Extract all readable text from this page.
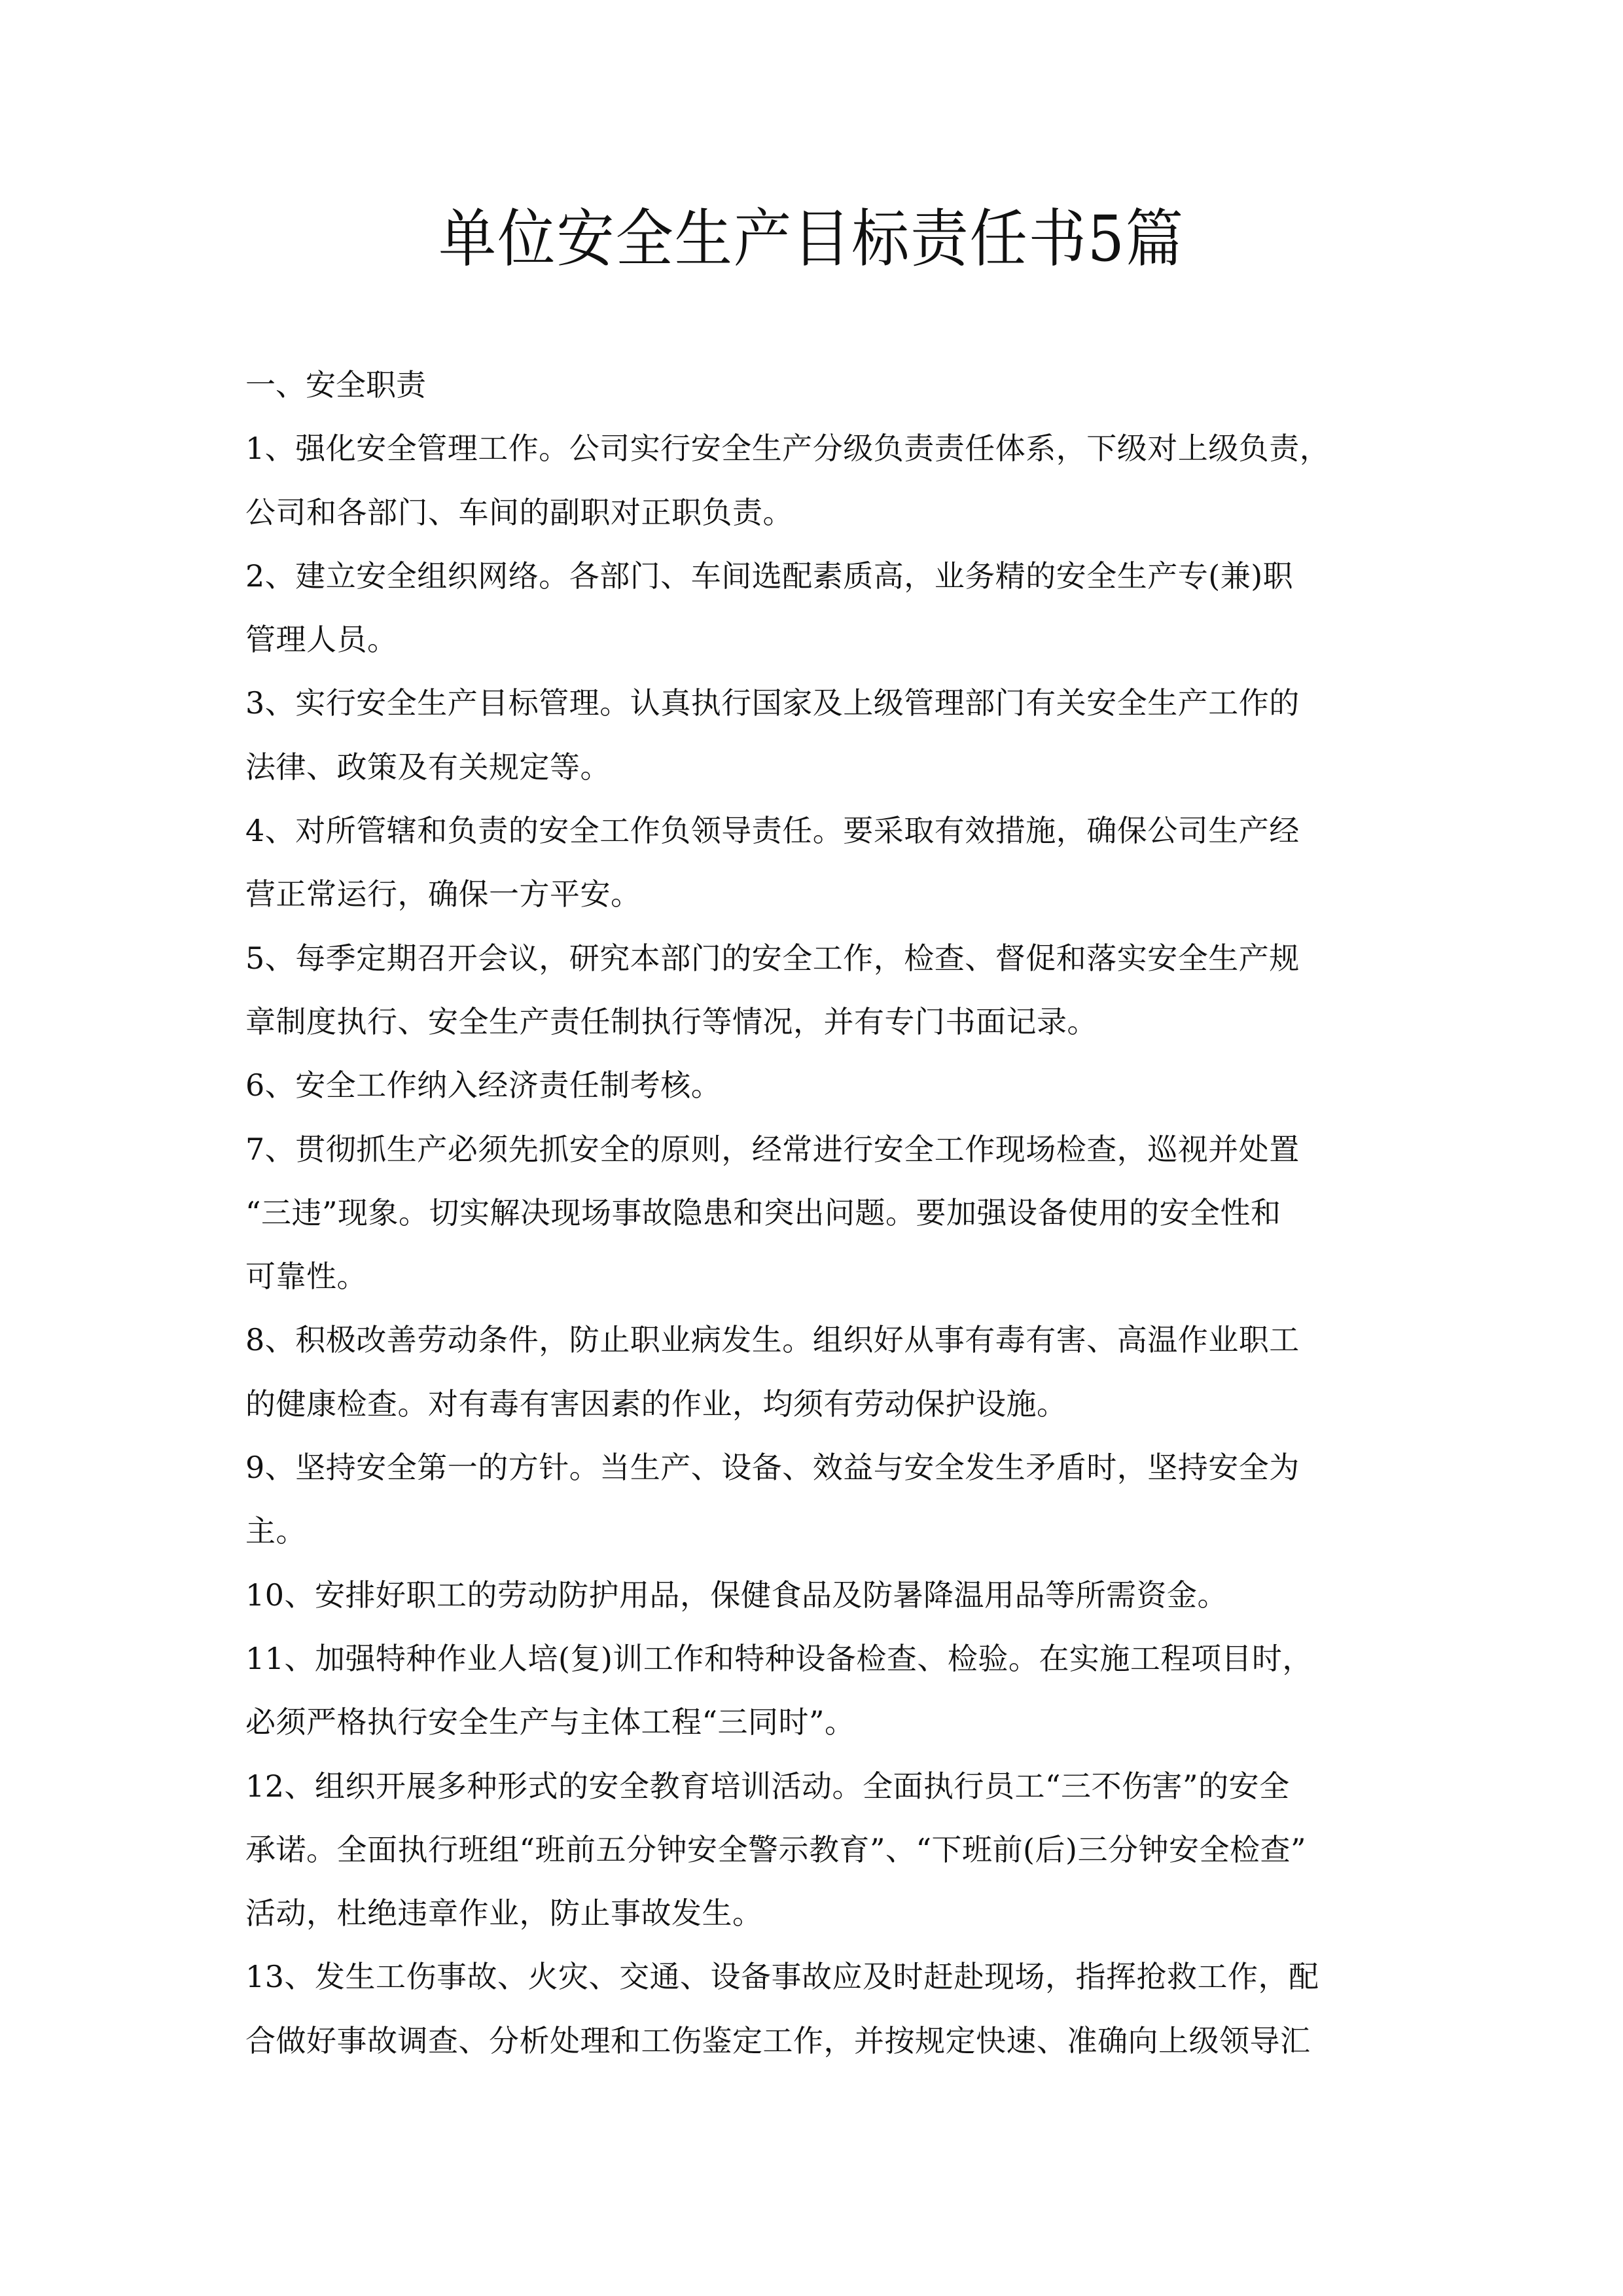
单位安全生产目标责任书5篇
一、安全职责
1、强化安全管理工作。公司实行安全生产分级负责责任体系，下级对上级负责，
公司和各部门、车间的副职对正职负责。
2、建立安全组织网络。各部门、车间选配素质高，业务精的安全生产专(兼)职
管理人员。
3、实行安全生产目标管理。认真执行国家及上级管理部门有关安全生产工作的
法律、政策及有关规定等。
4、对所管辖和负责的安全工作负领导责任。要采取有效措施，确保公司生产经
营正常运行，确保一方平安。
5、每季定期召开会议，研究本部门的安全工作，检查、督促和落实安全生产规
章制度执行、安全生产责任制执行等情况，并有专门书面记录。
6、安全工作纳入经济责任制考核。
7、贯彻抓生产必须先抓安全的原则，经常进行安全工作现场检查，巡视并处置
“三违”现象。切实解决现场事故隐患和突出问题。要加强设备使用的安全性和
可靠性。
8、积极改善劳动条件，防止职业病发生。组织好从事有毒有害、高温作业职工
的健康检查。对有毒有害因素的作业，均须有劳动保护设施。
9、坚持安全第一的方针。当生产、设备、效益与安全发生矛盾时，坚持安全为
主。
10、安排好职工的劳动防护用品，保健食品及防暑降温用品等所需资金。
11、加强特种作业人培(复)训工作和特种设备检查、检验。在实施工程项目时，
必须严格执行安全生产与主体工程“三同时”。
12、组织开展多种形式的安全教育培训活动。全面执行员工“三不伤害”的安全
承诺。全面执行班组“班前五分钟安全警示教育”、“下班前(后)三分钟安全检查”
活动，杜绝违章作业，防止事故发生。
13、发生工伤事故、火灾、交通、设备事故应及时赶赴现场，指挥抢救工作，配
合做好事故调查、分析处理和工伤鉴定工作，并按规定快速、准确向上级领导汇
